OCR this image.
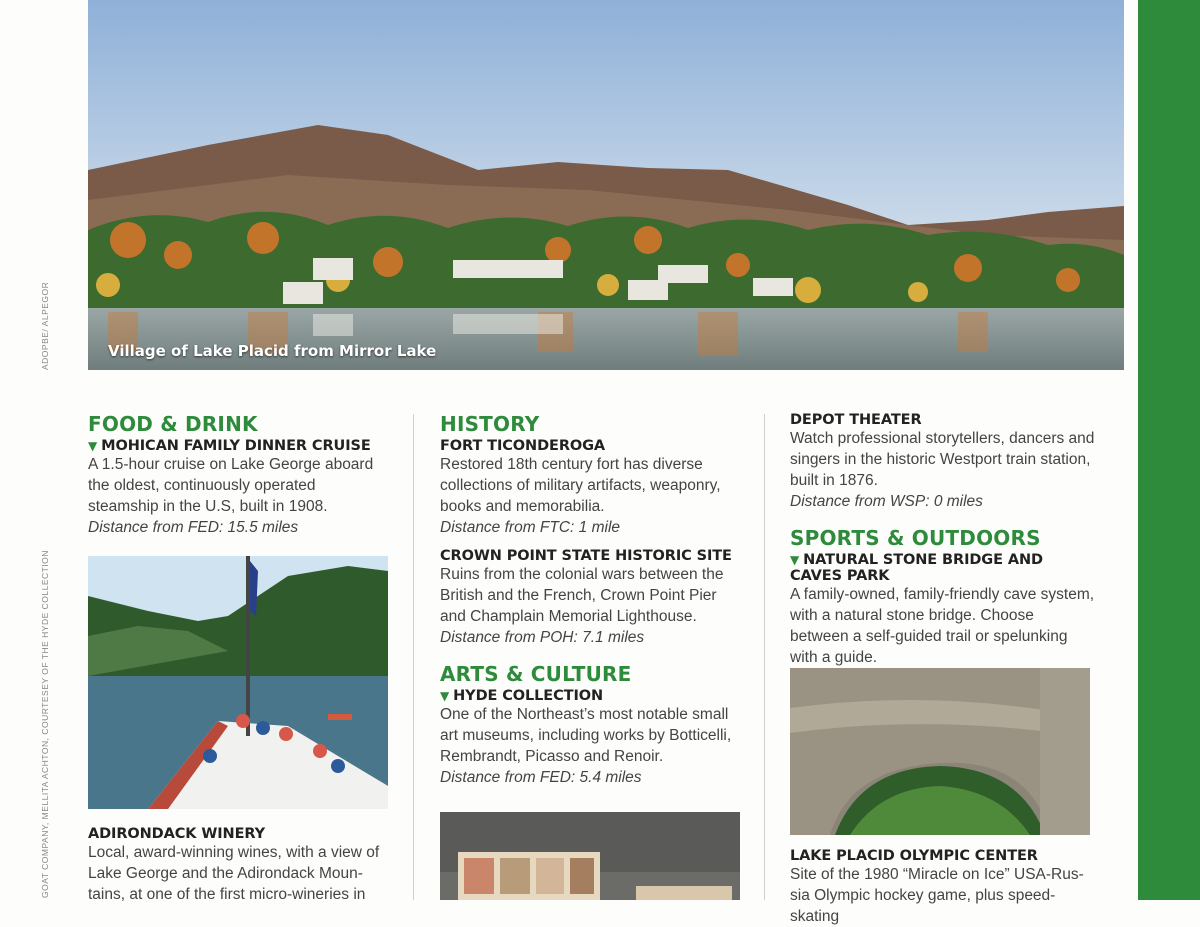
Village of Lake Placid from Mirror Lake
ADOPBE/ ALPEGOR
GOAT COMPANY, MELLITA ACHTON, COURTESEY OF THE HYDE COLLECTION
FOOD & DRINK

▼ MOHICAN FAMILY DINNER CRUISE

A 1.5-hour cruise on Lake George aboard the oldest, continuously operated steamship in the U.S, built in 1908.

Distance from FED: 15.5 miles

ADIRONDACK WINERY

Local, award-winning wines, with a view of Lake George and the Adirondack Moun-tains, at one of the first micro-wineries in

HISTORY

FORT TICONDEROGA

Restored 18th century fort has diverse collections of military artifacts, weaponry, books and memorabilia.

Distance from FTC: 1 mile

CROWN POINT STATE HISTORIC SITE

Ruins from the colonial wars between the British and the French, Crown Point Pier and Champlain Memorial Lighthouse.

Distance from POH: 7.1 miles

ARTS & CULTURE

▼ HYDE COLLECTION

One of the Northeast’s most notable small art museums, including works by Botticelli, Rembrandt, Picasso and Renoir.

Distance from FED: 5.4 miles

DEPOT THEATER

Watch professional storytellers, dancers and singers in the historic Westport train station, built in 1876.

Distance from WSP: 0 miles

SPORTS & OUTDOORS

▼ NATURAL STONE BRIDGE AND CAVES PARK

A family-owned, family-friendly cave system, with a natural stone bridge. Choose between a self-guided trail or spelunking with a guide.

LAKE PLACID OLYMPIC CENTER

Site of the 1980 “Miracle on Ice” USA-Rus-sia Olympic hockey game, plus speed-skating
